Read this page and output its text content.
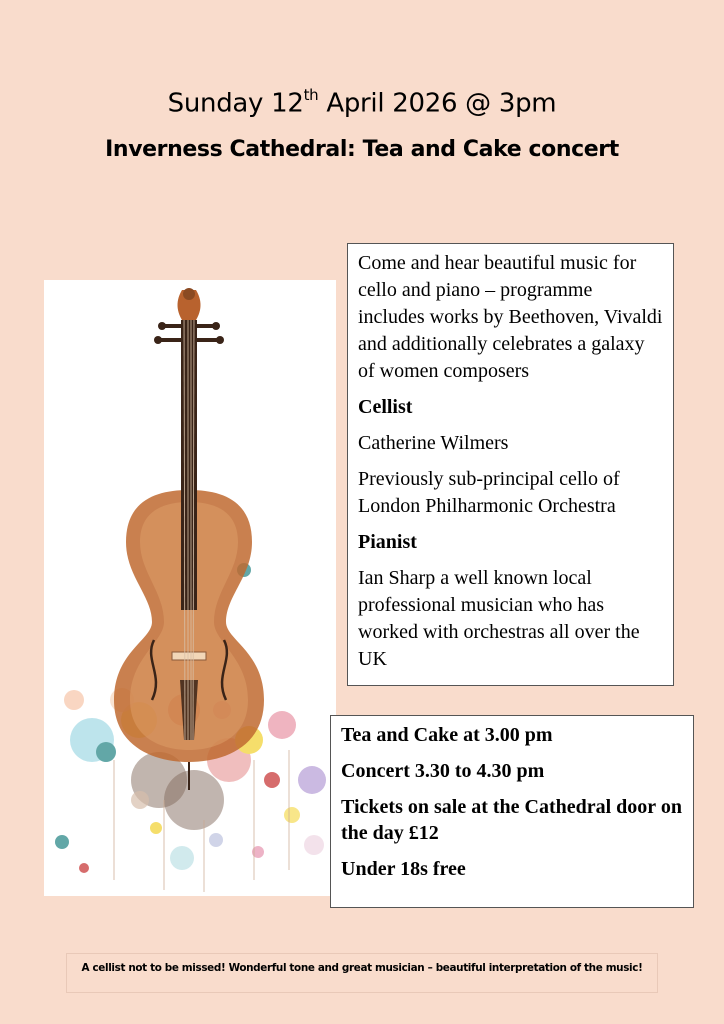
Sunday 12th April 2026 @ 3pm
Inverness Cathedral: Tea and Cake concert

Come and hear beautiful music for cello and piano – programme includes works by Beethoven, Vivaldi and additionally celebrates a galaxy of women composers

Cellist

Catherine Wilmers

Previously sub-principal cello of London Philharmonic Orchestra

Pianist

Ian Sharp a well known local professional musician who has worked with orchestras all over the UK

Tea and Cake at 3.00 pm

Concert 3.30 to 4.30 pm

Tickets on sale at the Cathedral door on the day £12

Under 18s free

A cellist not to be missed! Wonderful tone and great musician – beautiful interpretation of the music!
